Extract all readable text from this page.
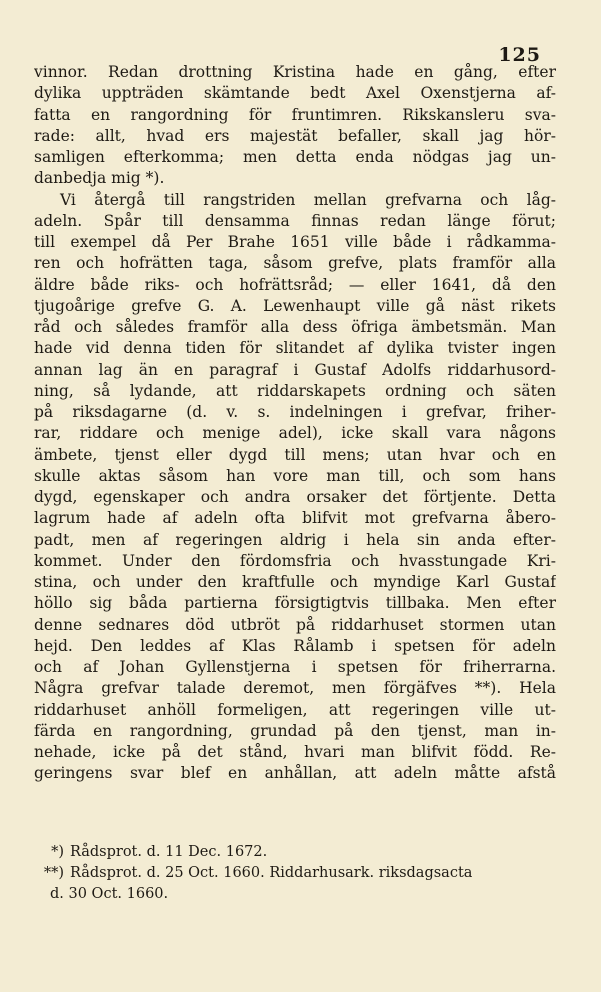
125
vinnor. Redan drottning Kristina hade en gång, efter
dylika uppträden skämtande bedt Axel Oxenstjerna af-
fatta en rangordning för fruntimren. Rikskansleru sva-
rade: allt, hvad ers majestät befaller, skall jag hör-
samligen efterkomma; men detta enda nödgas jag un-
danbedja mig *).
Vi återgå till rangstriden mellan grefvarna och låg-
adeln. Spår till densamma finnas redan länge förut;
till exempel då Per Brahe 1651 ville både i rådkamma-
ren och hofrätten taga, såsom grefve, plats framför alla
äldre både riks- och hofrättsråd; — eller 1641, då den
tjugoårige grefve G. A. Lewenhaupt ville gå näst rikets
råd och således framför alla dess öfriga ämbetsmän. Man
hade vid denna tiden för slitandet af dylika tvister ingen
annan lag än en paragraf i Gustaf Adolfs riddarhusord-
ning, så lydande, att riddarskapets ordning och säten
på riksdagarne (d. v. s. indelningen i grefvar, friher-
rar, riddare och menige adel), icke skall vara någons
ämbete, tjenst eller dygd till mens; utan hvar och en
skulle aktas såsom han vore man till, och som hans
dygd, egenskaper och andra orsaker det förtjente. Detta
lagrum hade af adeln ofta blifvit mot grefvarna åbero-
padt, men af regeringen aldrig i hela sin anda efter-
kommet. Under den fördomsfria och hvasstungade Kri-
stina, och under den kraftfulle och myndige Karl Gustaf
höllo sig båda partierna försigtigtvis tillbaka. Men efter
denne sednares död utbröt på riddarhuset stormen utan
hejd. Den leddes af Klas Rålamb i spetsen för adeln
och af Johan Gyllenstjerna i spetsen för friherrarna.
Några grefvar talade deremot, men förgäfves **). Hela
riddarhuset anhöll formeligen, att regeringen ville ut-
färda en rangordning, grundad på den tjenst, man in-
nehade, icke på det stånd, hvari man blifvit född. Re-
geringens svar blef en anhållan, att adeln måtte afstå
*) Rådsprot. d. 11 Dec. 1672.
**) Rådsprot. d. 25 Oct. 1660. Riddarhusark. riksdagsacta
d. 30 Oct. 1660.
